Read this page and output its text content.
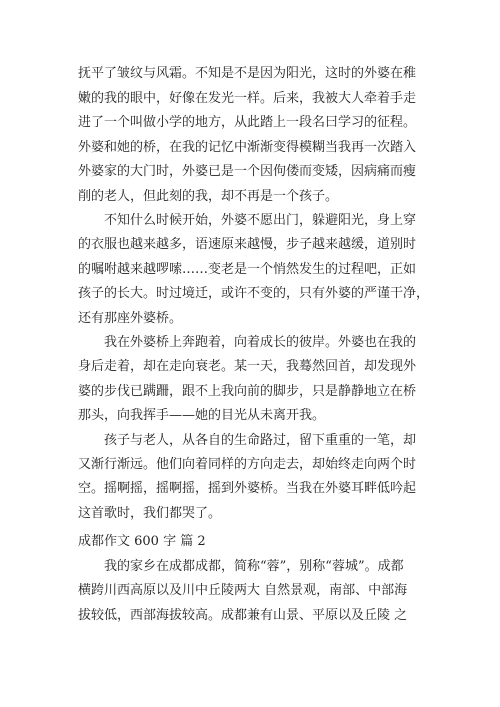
抚平了皱纹与风霜。不知是不是因为阳光，这时的外婆在稚
嫩的我的眼中，好像在发光一样。后来，我被大人牵着手走
进了一个叫做小学的地方，从此踏上一段名曰学习的征程。
外婆和她的桥，在我的记忆中渐渐变得模糊当我再一次踏入
外婆家的大门时，外婆已是一个因佝偻而变矮，因病痛而瘦
削的老人，但此刻的我，却不再是一个孩子。
不知什么时候开始，外婆不愿出门，躲避阳光，身上穿
的衣服也越来越多，语速原来越慢，步子越来越缓，道别时
的嘱咐越来越啰嗦……变老是一个悄然发生的过程吧，正如
孩子的长大。时过境迁，或许不变的，只有外婆的严谨干净，
还有那座外婆桥。
我在外婆桥上奔跑着，向着成长的彼岸。外婆也在我的
身后走着，却在走向衰老。某一天，我蓦然回首，却发现外
婆的步伐已蹒跚，跟不上我向前的脚步，只是静静地立在桥
那头，向我挥手——她的目光从未离开我。
孩子与老人，从各自的生命路过，留下重重的一笔，却
又渐行渐远。他们向着同样的方向走去，却始终走向两个时
空。摇啊摇，摇啊摇，摇到外婆桥。当我在外婆耳畔低吟起
这首歌时，我们都哭了。
成都作文 600 字 篇 2
我的家乡在成都成都，简称“蓉”，别称“蓉城”。成都
横跨川西高原以及川中丘陵两大 自然景观，南部、中部海
拔较低，西部海拔较高。成都兼有山景、平原以及丘陵 之
